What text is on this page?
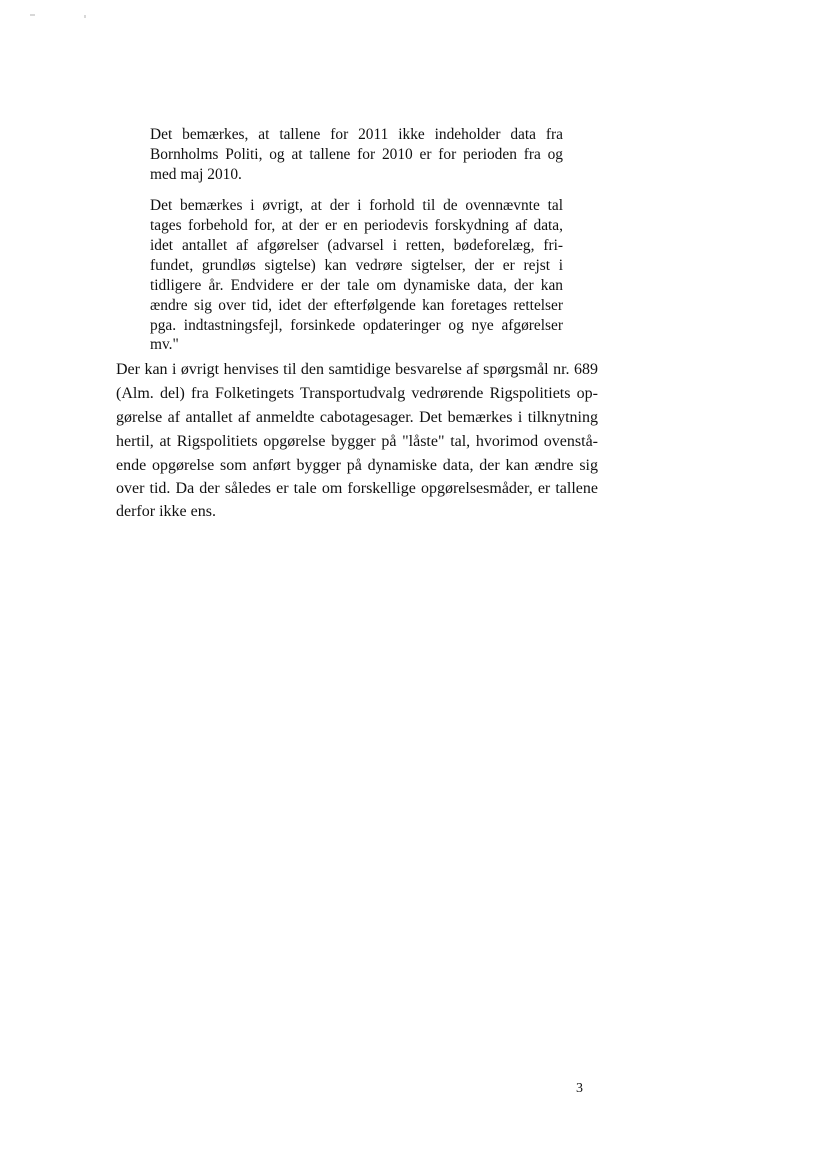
Det bemærkes, at tallene for 2011 ikke indeholder data fra
Bornholms Politi, og at tallene for 2010 er for perioden fra og
med maj 2010.
Det bemærkes i øvrigt, at der i forhold til de ovennævnte tal
tages forbehold for, at der er en periodevis forskydning af data,
idet antallet af afgørelser (advarsel i retten, bødeforelæg, fri-
fundet, grundløs sigtelse) kan vedrøre sigtelser, der er rejst i
tidligere år. Endvidere er der tale om dynamiske data, der kan
ændre sig over tid, idet der efterfølgende kan foretages rettelser
pga. indtastningsfejl, forsinkede opdateringer og nye afgørelser
mv."
Der kan i øvrigt henvises til den samtidige besvarelse af spørgsmål nr. 689
(Alm. del) fra Folketingets Transportudvalg vedrørende Rigspolitiets op-
gørelse af antallet af anmeldte cabotagesager. Det bemærkes i tilknytning
hertil, at Rigspolitiets opgørelse bygger på "låste" tal, hvorimod ovenstå-
ende opgørelse som anført bygger på dynamiske data, der kan ændre sig
over tid. Da der således er tale om forskellige opgørelsesmåder, er tallene
derfor ikke ens.
3
